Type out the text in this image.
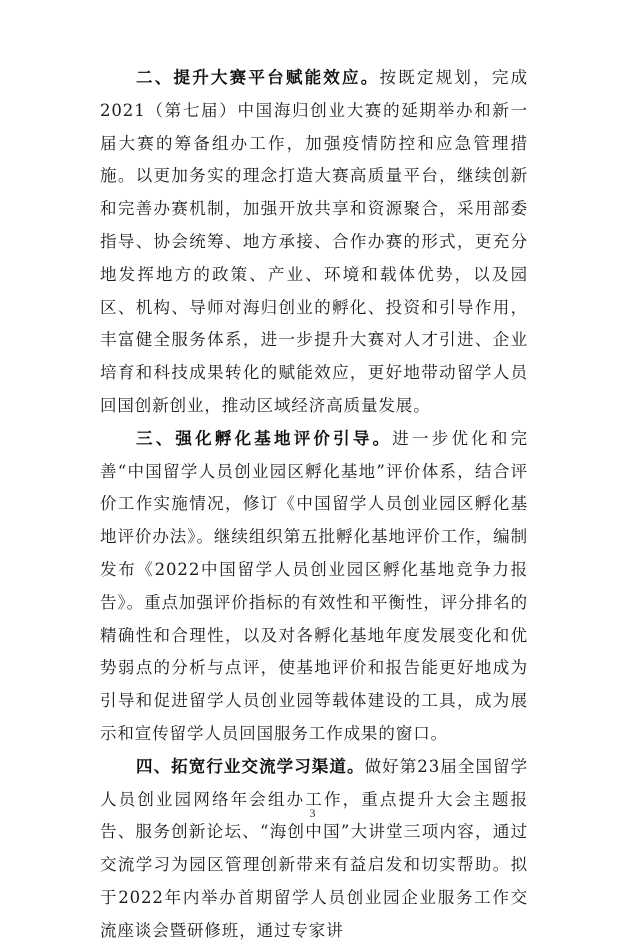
二、提升大赛平台赋能效应。按既定规划，完成2021（第七届）中国海归创业大赛的延期举办和新一届大赛的筹备组办工作，加强疫情防控和应急管理措施。以更加务实的理念打造大赛高质量平台，继续创新和完善办赛机制，加强开放共享和资源聚合，采用部委指导、协会统筹、地方承接、合作办赛的形式，更充分地发挥地方的政策、产业、环境和载体优势，以及园区、机构、导师对海归创业的孵化、投资和引导作用，丰富健全服务体系，进一步提升大赛对人才引进、企业培育和科技成果转化的赋能效应，更好地带动留学人员回国创新创业，推动区域经济高质量发展。

三、强化孵化基地评价引导。进一步优化和完善“中国留学人员创业园区孵化基地”评价体系，结合评价工作实施情况，修订《中国留学人员创业园区孵化基地评价办法》。继续组织第五批孵化基地评价工作，编制发布《2022中国留学人员创业园区孵化基地竞争力报告》。重点加强评价指标的有效性和平衡性，评分排名的精确性和合理性，以及对各孵化基地年度发展变化和优势弱点的分析与点评，使基地评价和报告能更好地成为引导和促进留学人员创业园等载体建设的工具，成为展示和宣传留学人员回国服务工作成果的窗口。

四、拓宽行业交流学习渠道。做好第23届全国留学人员创业园网络年会组办工作，重点提升大会主题报告、服务创新论坛、“海创中国”大讲堂三项内容，通过交流学习为园区管理创新带来有益启发和切实帮助。拟于2022年内举办首期留学人员创业园企业服务工作交流座谈会暨研修班，通过专家讲

3
